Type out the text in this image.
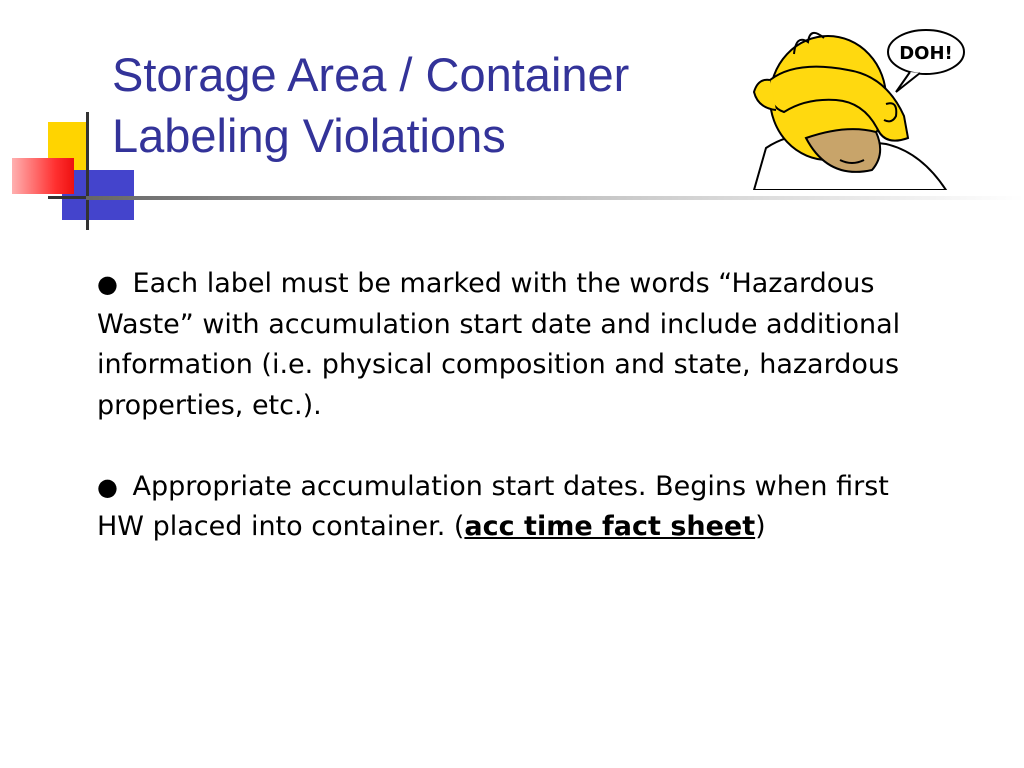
Storage Area / Container
Labeling Violations
DOH!

● Each label must be marked with the words “Hazardous Waste” with accumulation start date and include additional information (i.e. physical composition and state, hazardous properties, etc.).

● Appropriate accumulation start dates. Begins when first HW placed into container. (acc time fact sheet)
